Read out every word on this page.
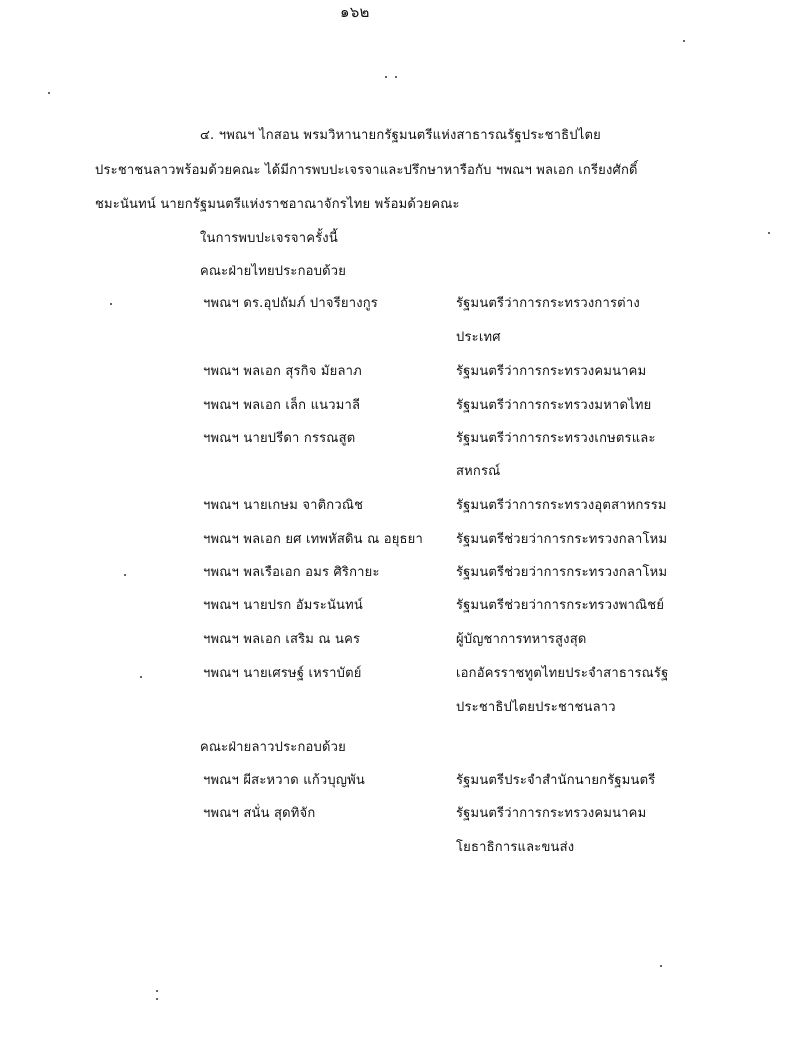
๑๖๒
๔. ฯพณฯ ไกสอน พรมวิหานายกรัฐมนตรีแห่งสาธารณรัฐประชาธิปไตย
ประชาชนลาวพร้อมด้วยคณะ ได้มีการพบปะเจรจาและปรึกษาหารือกับ ฯพณฯ พลเอก เกรียงศักดิ์
ชมะนันทน์ นายกรัฐมนตรีแห่งราชอาณาจักรไทย พร้อมด้วยคณะ
ในการพบปะเจรจาครั้งนี้
คณะฝ่ายไทยประกอบด้วย
ฯพณฯ ดร.อุปถัมภ์ ปาจรียางกูร	รัฐมนตรีว่าการกระทรวงการต่าง
ประเทศ
ฯพณฯ พลเอก สุรกิจ มัยลาภ	รัฐมนตรีว่าการกระทรวงคมนาคม
ฯพณฯ พลเอก เล็ก แนวมาลี	รัฐมนตรีว่าการกระทรวงมหาดไทย
ฯพณฯ นายปรีดา กรรณสูต	รัฐมนตรีว่าการกระทรวงเกษตรและ
สหกรณ์
ฯพณฯ นายเกษม จาติกวณิช	รัฐมนตรีว่าการกระทรวงอุตสาหกรรม
ฯพณฯ พลเอก ยศ เทพหัสดิน ณ อยุธยา	รัฐมนตรีช่วยว่าการกระทรวงกลาโหม
ฯพณฯ พลเรือเอก อมร ศิริกายะ	รัฐมนตรีช่วยว่าการกระทรวงกลาโหม
ฯพณฯ นายปรก อัมระนันทน์	รัฐมนตรีช่วยว่าการกระทรวงพาณิชย์
ฯพณฯ พลเอก เสริม ณ นคร	ผู้บัญชาการทหารสูงสุด
ฯพณฯ นายเศรษฐ์ เหราบัตย์	เอกอัครราชทูตไทยประจำสาธารณรัฐ
ประชาธิปไตยประชาชนลาว
คณะฝ่ายลาวประกอบด้วย
ฯพณฯ ผีสะหวาด แก้วบุญพัน	รัฐมนตรีประจำสำนักนายกรัฐมนตรี
ฯพณฯ สนั่น สุดทิจัก	รัฐมนตรีว่าการกระทรวงคมนาคม
โยธาธิการและขนส่ง
